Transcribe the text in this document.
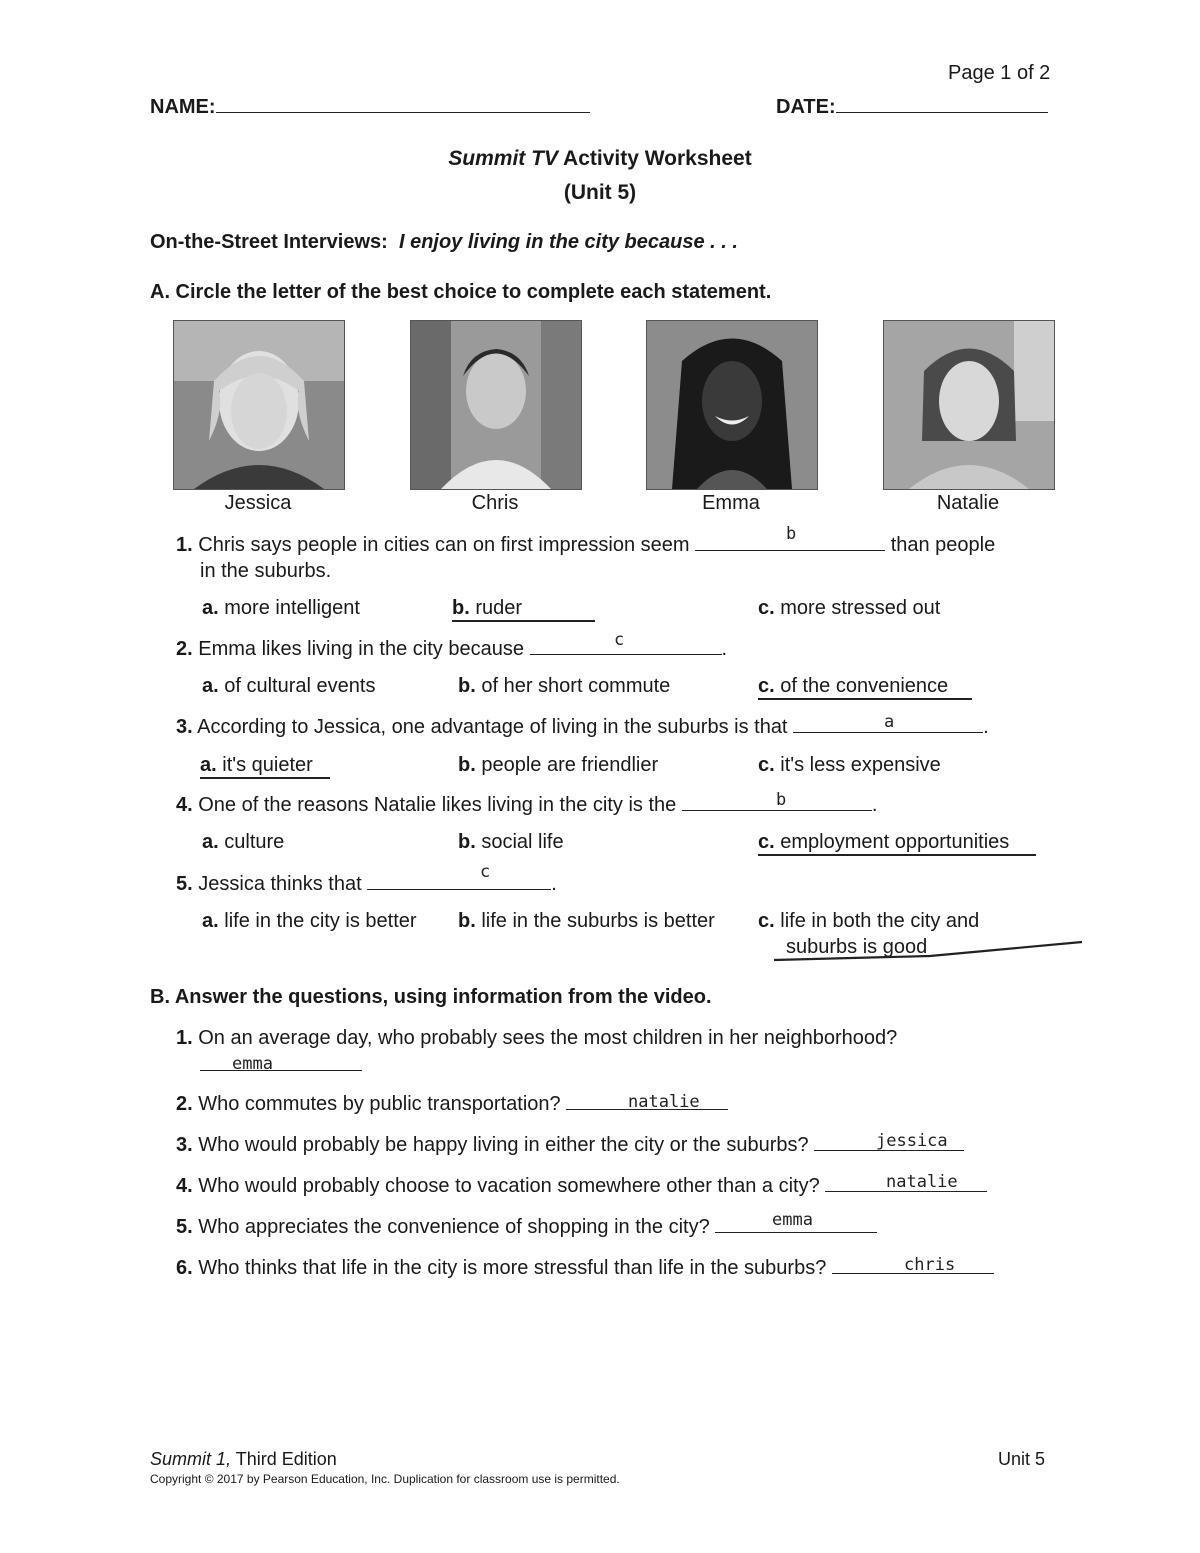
Page 1 of 2
NAME:	DATE:
Summit TV Activity Worksheet
(Unit 5)
On-the-Street Interviews: I enjoy living in the city because . . .
A. Circle the letter of the best choice to complete each statement.
Jessica	Chris	Emma	Natalie
1. Chris says people in cities can on first impression seem	than people
in the suburbs.
b
a. more intelligent	b. ruder	c. more stressed out
2. Emma likes living in the city because	.
c
a. of cultural events	b. of her short commute	c. of the convenience
3. According to Jessica, one advantage of living in the suburbs is that	.
a
a. it's quieter	b. people are friendlier	c. it's less expensive
4. One of the reasons Natalie likes living in the city is the	.
b
a. culture	b. social life	c. employment opportunities
5. Jessica thinks that	.
c
a. life in the city is better b. life in the suburbs is better c. life in both the city and
suburbs is good
B. Answer the questions, using information from the video.
1. On an average day, who probably sees the most children in her neighborhood?
emma
2. Who commutes by public transportation?	natalie
3. Who would probably be happy living in either the city or the suburbs?	jessica
4. Who would probably choose to vacation somewhere other than a city?	natalie
5. Who appreciates the convenience of shopping in the city?	emma
6. Who thinks that life in the city is more stressful than life in the suburbs?	chris
Summit 1, Third Edition	Unit 5
Copyright © 2017 by Pearson Education, Inc. Duplication for classroom use is permitted.
